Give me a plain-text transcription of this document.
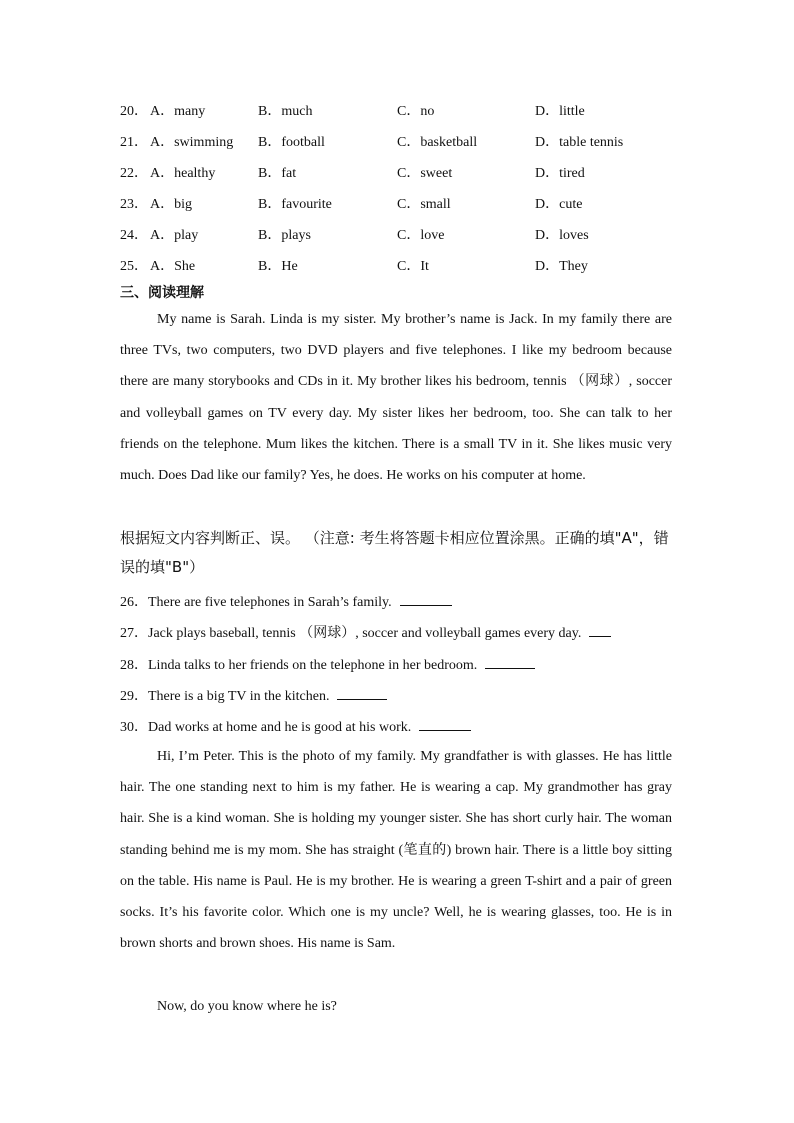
20． A．many	B．much	C．no	D．little
21． A．swimming B．football	C．basketball	D．table tennis
22． A．healthy	B．fat	C．sweet	D．tired
23． A．big	B．favourite	C．small	D．cute
24． A．play	B．plays	C．love	D．loves
25． A．She	B．He	C．It	D．They
三、阅读理解

My name is Sarah. Linda is my sister. My brother’s name is Jack. In my family there are three TVs, two computers, two DVD players and five telephones. I like my bedroom because there are many storybooks and CDs in it. My brother likes his bedroom, tennis （网球）, soccer and volleyball games on TV every day. My sister likes her bedroom, too. She can talk to her friends on the telephone. Mum likes the kitchen. There is a small TV in it. She likes music very much. Does Dad like our family? Yes, he does. He works on his computer at home.

根据短文内容判断正、误。 （注意: 考生将答题卡相应位置涂黑。正确的填"A"，错误的填"B"）

26．There are five telephones in Sarah’s family.
27．Jack plays baseball, tennis （网球）, soccer and volleyball games every day.
28．Linda talks to her friends on the telephone in her bedroom.
29．There is a big TV in the kitchen.
30．Dad works at home and he is good at his work.

Hi, I’m Peter. This is the photo of my family. My grandfather is with glasses. He has little hair. The one standing next to him is my father. He is wearing a cap. My grandmother has gray hair. She is a kind woman. She is holding my younger sister. She has short curly hair. The woman standing behind me is my mom. She has straight (笔直的) brown hair. There is a little boy sitting on the table. His name is Paul. He is my brother. He is wearing a green T-shirt and a pair of green socks. It’s his favorite color. Which one is my uncle? Well, he is wearing glasses, too. He is in brown shorts and brown shoes. His name is Sam.

Now, do you know where he is?
